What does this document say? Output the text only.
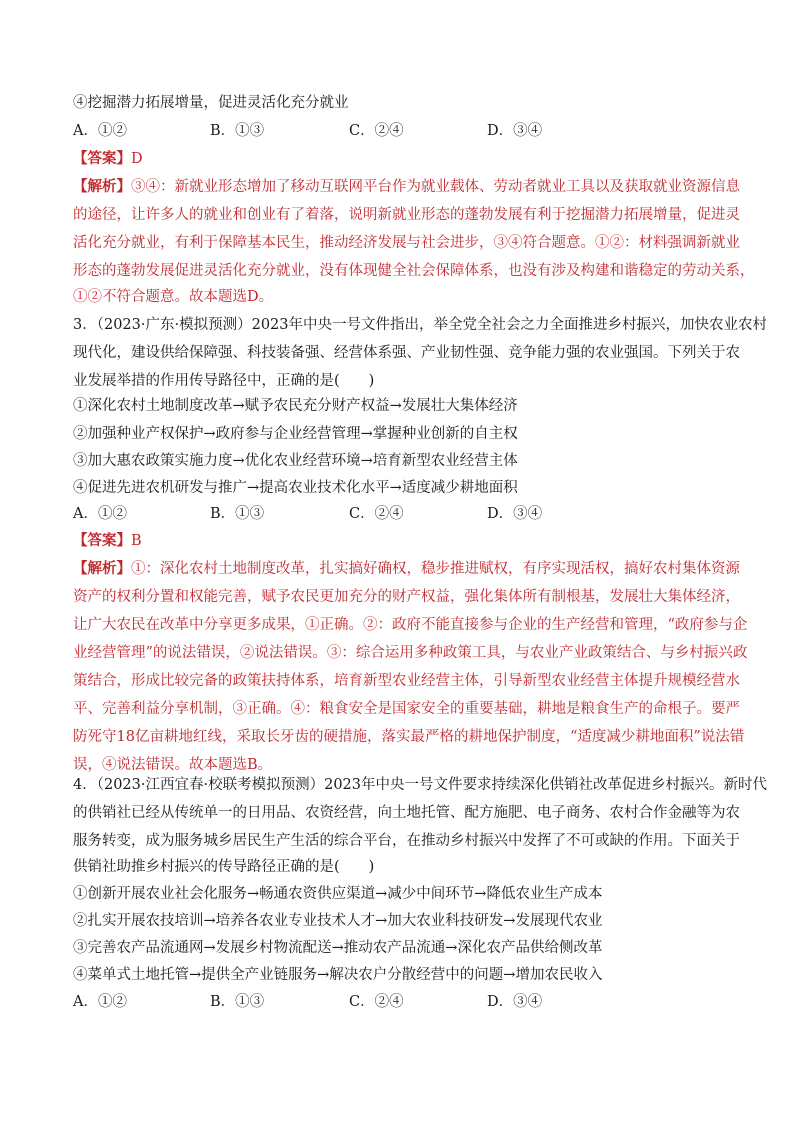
④挖掘潜力拓展增量，促进灵活化充分就业
A．①②	B．①③	C．②④	D．③④
【答案】D
【解析】③④：新就业形态增加了移动互联网平台作为就业载体、劳动者就业工具以及获取就业资源信息
的途径，让许多人的就业和创业有了着落，说明新就业形态的蓬勃发展有利于挖掘潜力拓展增量，促进灵
活化充分就业，有利于保障基本民生，推动经济发展与社会进步，③④符合题意。①②：材料强调新就业
形态的蓬勃发展促进灵活化充分就业，没有体现健全社会保障体系，也没有涉及构建和谐稳定的劳动关系，
①②不符合题意。故本题选D。
3．（2023·广东·模拟预测）2023年中央一号文件指出，举全党全社会之力全面推进乡村振兴，加快农业农村
现代化，建设供给保障强、科技装备强、经营体系强、产业韧性强、竞争能力强的农业强国。下列关于农
业发展举措的作用传导路径中，正确的是(　　)
①深化农村土地制度改革→赋予农民充分财产权益→发展壮大集体经济
②加强种业产权保护→政府参与企业经营管理→掌握种业创新的自主权
③加大惠农政策实施力度→优化农业经营环境→培育新型农业经营主体
④促进先进农机研发与推广→提高农业技术化水平→适度减少耕地面积
A．①②	B．①③	C．②④	D．③④
【答案】B
【解析】①：深化农村土地制度改革，扎实搞好确权，稳步推进赋权，有序实现活权，搞好农村集体资源
资产的权利分置和权能完善，赋予农民更加充分的财产权益，强化集体所有制根基，发展壮大集体经济，
让广大农民在改革中分享更多成果，①正确。②：政府不能直接参与企业的生产经营和管理，“政府参与企
业经营管理”的说法错误，②说法错误。③：综合运用多种政策工具，与农业产业政策结合、与乡村振兴政
策结合，形成比较完备的政策扶持体系，培育新型农业经营主体，引导新型农业经营主体提升规模经营水
平、完善利益分享机制，③正确。④：粮食安全是国家安全的重要基础，耕地是粮食生产的命根子。要严
防死守18亿亩耕地红线，采取长牙齿的硬措施，落实最严格的耕地保护制度，“适度减少耕地面积”说法错
误，④说法错误。故本题选B。
4．（2023·江西宜春·校联考模拟预测）2023年中央一号文件要求持续深化供销社改革促进乡村振兴。新时代
的供销社已经从传统单一的日用品、农资经营，向土地托管、配方施肥、电子商务、农村合作金融等为农
服务转变，成为服务城乡居民生产生活的综合平台，在推动乡村振兴中发挥了不可或缺的作用。下面关于
供销社助推乡村振兴的传导路径正确的是(　　)
①创新开展农业社会化服务→畅通农资供应渠道→减少中间环节→降低农业生产成本
②扎实开展农技培训→培养各农业专业技术人才→加大农业科技研发→发展现代农业
③完善农产品流通网→发展乡村物流配送→推动农产品流通→深化农产品供给侧改革
④菜单式土地托管→提供全产业链服务→解决农户分散经营中的问题→增加农民收入
A．①②	B．①③	C．②④	D．③④
